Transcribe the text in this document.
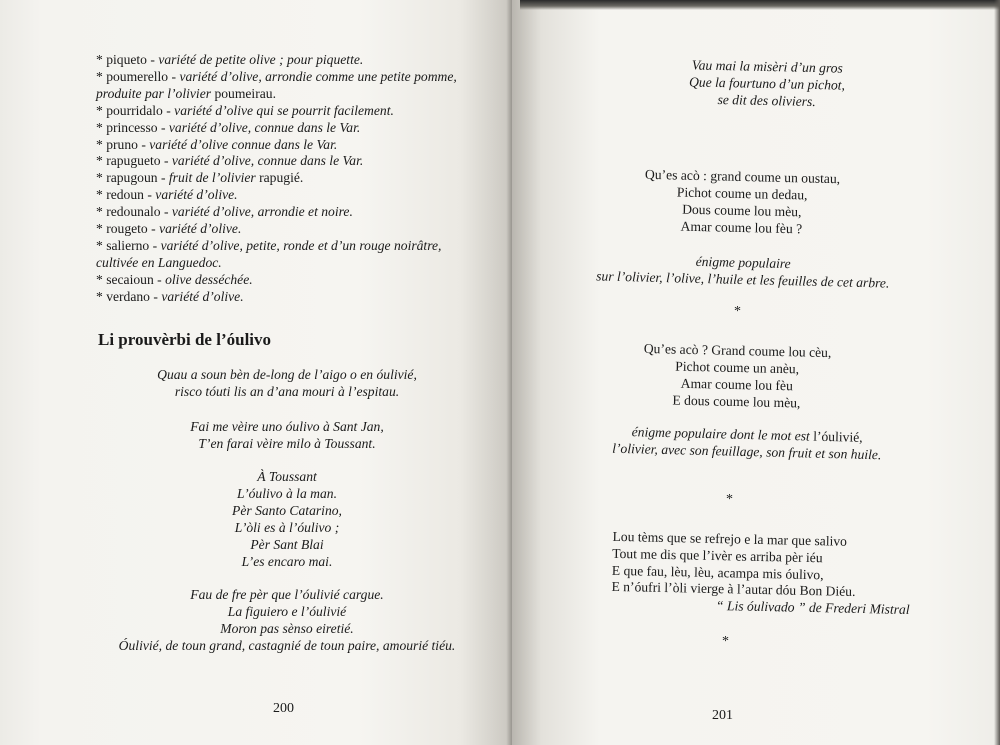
* piqueto - variété de petite olive ; pour piquette.

* poumerello - variété d’olive, arrondie comme une petite pomme, produite par l’olivier poumeirau.

* pourridalo - variété d’olive qui se pourrit facilement.

* princesso - variété d’olive, connue dans le Var.

* pruno - variété d’olive connue dans le Var.

* rapugueto - variété d’olive, connue dans le Var.

* rapugoun - fruit de l’olivier rapugié.

* redoun - variété d’olive.

* redounalo - variété d’olive, arrondie et noire.

* rougeto - variété d’olive.

* salierno - variété d’olive, petite, ronde et d’un rouge noirâtre, cultivée en Languedoc.

* secaioun - olive desséchée.

* verdano - variété d’olive.

Li prouvèrbi de l’óulivo

Quau a soun bèn de-long de l’aigo o en óulivié,

risco tóuti lis an d’ana mouri à l’espitau.

Fai me vèire uno óulivo à Sant Jan,

T’en farai vèire milo à Toussant.

À Toussant

L’óulivo à la man.

Pèr Santo Catarino,

L’òli es à l’óulivo ;

Pèr Sant Blai

L’es encaro mai.

Fau de fre pèr que l’óulivié cargue.

La figuiero e l’óulivié

Moron pas sènso eiretié.

Óulivié, de toun grand, castagnié de toun paire, amourié tiéu.

200

Vau mai la misèri d’un gros

Que la fourtuno d’un pichot,

se dit des oliviers.

Qu’es acò : grand coume un oustau,

Pichot coume un dedau,

Dous coume lou mèu,

Amar coume lou fèu ?

énigme populaire

sur l’olivier, l’olive, l’huile et les feuilles de cet arbre.

*

Qu’es acò ? Grand coume lou cèu,

Pichot coume un anèu,

Amar coume lou fèu

E dous coume lou mèu,

énigme populaire dont le mot est l’óulivié,

l’olivier, avec son feuillage, son fruit et son huile.

*

Lou tèms que se refrejo e la mar que salivo

Tout me dis que l’ivèr es arriba pèr iéu

E que fau, lèu, lèu, acampa mis óulivo,

E n’óufri l’òli vierge à l’autar dóu Bon Diéu.

“ Lis óulivado ” de Frederi Mistral
*
201
